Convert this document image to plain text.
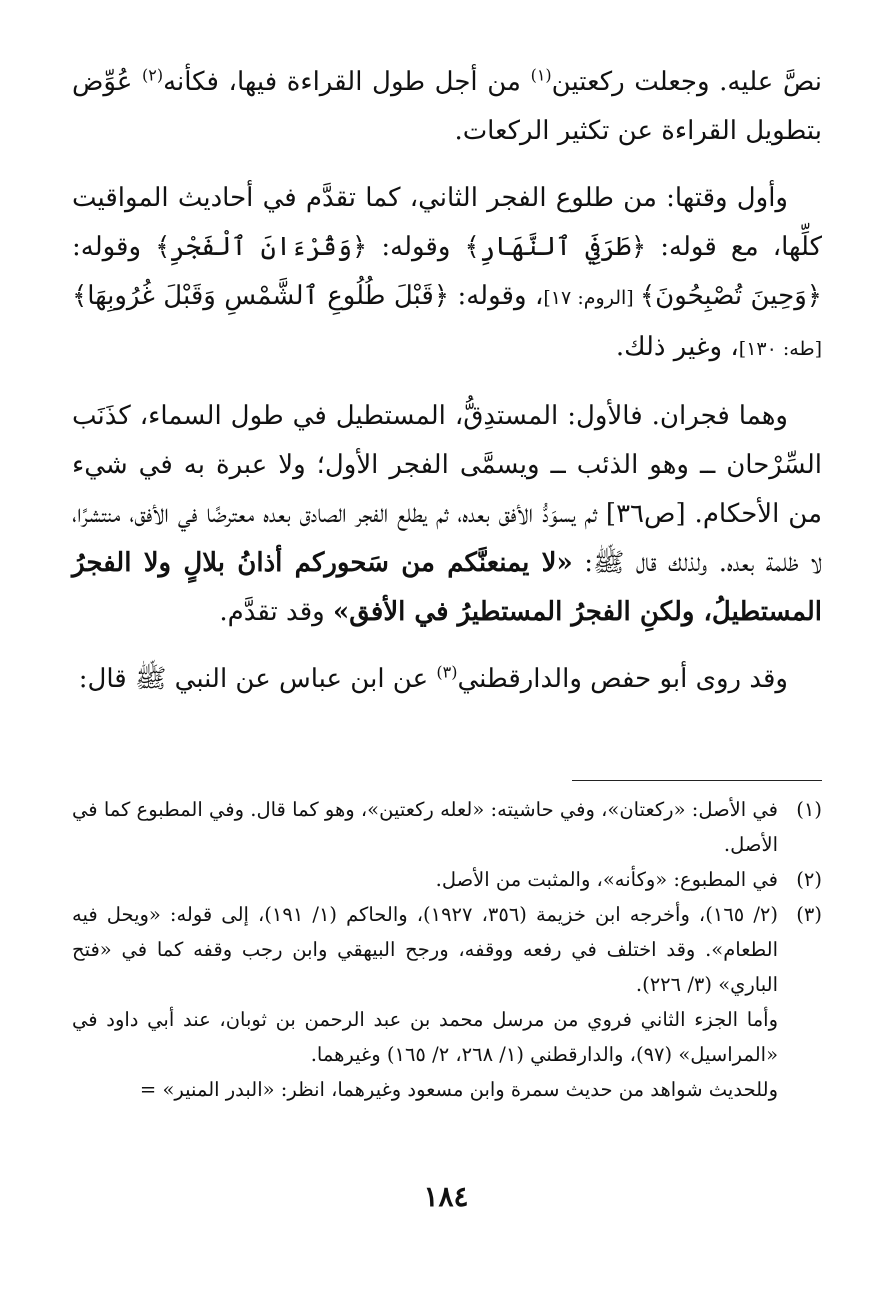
نصَّ عليه. وجعلت ركعتين$^{(١)}$ من أجل طول القراءة فيها، فكأنه$^{(٢)}$ عُوِّض بتطويل القراءة عن تكثير الركعات.

وأول وقتها: من طلوع الفجر الثاني، كما تقدَّم في أحاديث المواقيت كلِّها، مع قوله: ﴿طَرَفَيِ ٱلنَّهَارِ﴾ وقوله: ﴿وَقُرْءَانَ ٱلْفَجْرِ﴾ وقوله: ﴿وَحِينَ تُصْبِحُونَ﴾ [الروم: ١٧]، وقوله: ﴿قَبْلَ طُلُوعِ ٱلشَّمْسِ وَقَبْلَ غُرُوبِهَا﴾ [طه: ١٣٠]، وغير ذلك.

وهما فجران. فالأول: المستدِقُّ، المستطيل في طول السماء، كذَنَب السِّرْحان ــ وهو الذئب ــ ويسمَّى الفجر الأول؛ ولا عبرة به في شيء من الأحكام. [ص٣٦] ثم يسوَدُّ الأفق بعده، ثم يطلع الفجر الصادق بعده معترضًا في الأفق، منتشرًا، لا ظلمة بعده. ولذلك قال ﷺ: «لا يمنعنَّكم من سَحوركم أذانُ بلالٍ ولا الفجرُ المستطيلُ، ولكنِ الفجرُ المستطيرُ في الأفق» وقد تقدَّم.

وقد روى أبو حفص والدارقطني$^{(٣)}$ عن ابن عباس عن النبي ﷺ قال:

(١)
في الأصل: «ركعتان»، وفي حاشيته: «لعله ركعتين»، وهو كما قال. وفي المطبوع كما في الأصل.
(٢)
في المطبوع: «وكأنه»، والمثبت من الأصل.
(٣)
(٢/ ١٦٥)، وأخرجه ابن خزيمة (٣٥٦، ١٩٢٧)، والحاكم (١/ ١٩١)، إلى قوله: «ويحل فيه الطعام». وقد اختلف في رفعه ووقفه، ورجح البيهقي وابن رجب وقفه كما في «فتح الباري» (٣/ ٢٢٦).

وأما الجزء الثاني فروي من مرسل محمد بن عبد الرحمن بن ثوبان، عند أبي داود في «المراسيل» (٩٧)، والدارقطني (١/ ٢٦٨، ٢/ ١٦٥) وغيرهما.

وللحديث شواهد من حديث سمرة وابن مسعود وغيرهما، انظر: «البدر المنير» =

١٨٤
